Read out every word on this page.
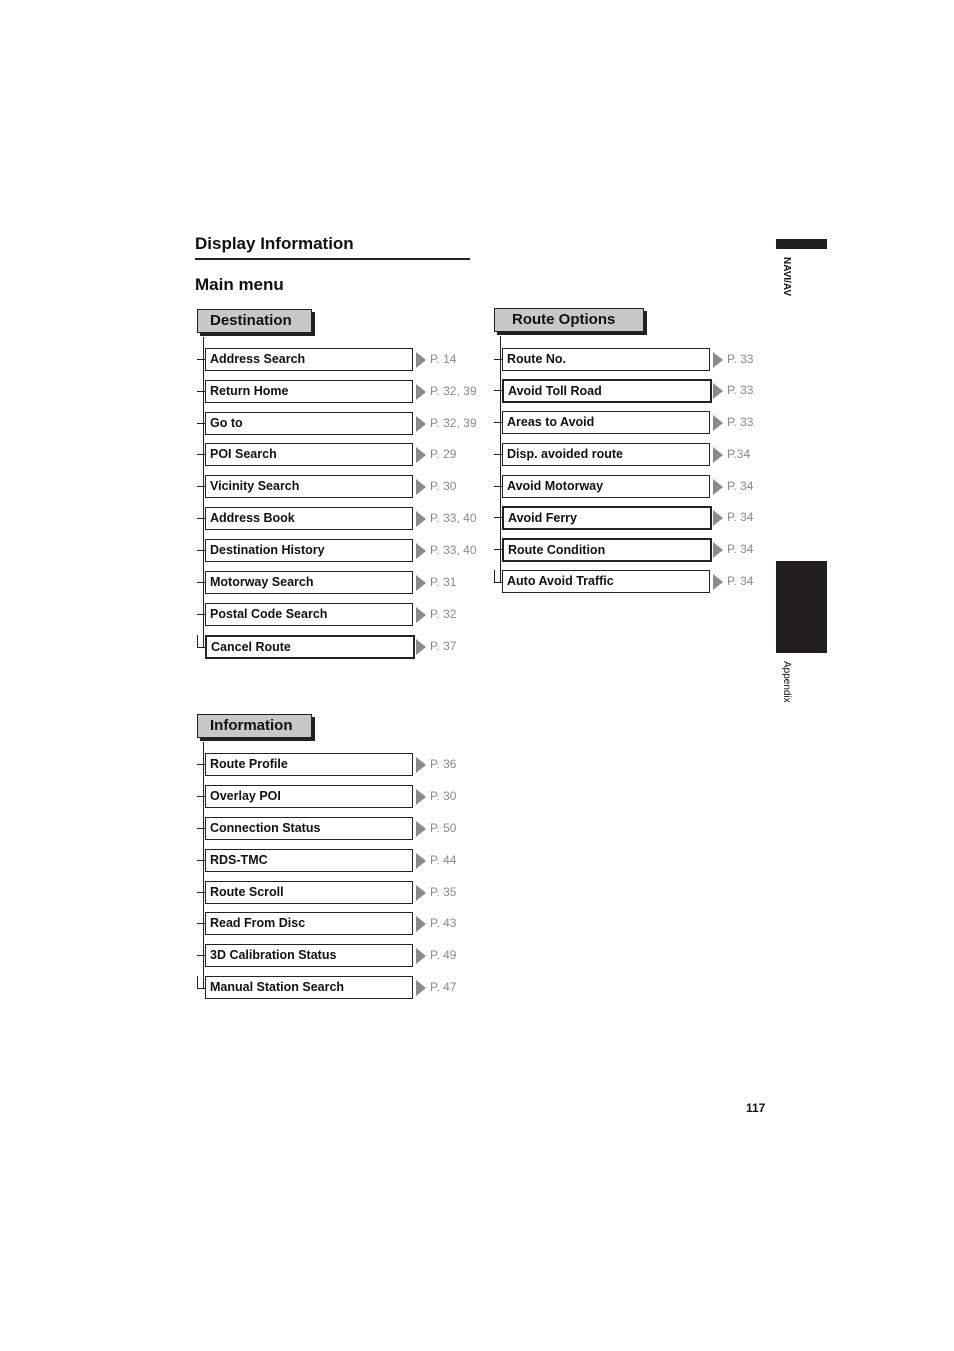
Display Information
Main menu	NAVI/AV
Appendix
Destination
Address Search	P. 14
Return Home	P. 32, 39
Go to	P. 32, 39
POI Search	P. 29
Vicinity Search	P. 30
Address Book	P. 33, 40
Destination History	P. 33, 40
Motorway Search	P. 31
Postal Code Search	P. 32
Cancel Route	P. 37
Route Options
Route No.	P. 33
Avoid Toll Road	P. 33
Areas to Avoid	P. 33
Disp. avoided route	P.34
Avoid Motorway	P. 34
Avoid Ferry	P. 34
Route Condition	P. 34
Auto Avoid Traffic	P. 34
Information
Route Profile	P. 36
Overlay POI	P. 30
Connection Status	P. 50
RDS-TMC	P. 44
Route Scroll	P. 35
Read From Disc	P. 43
3D Calibration Status	P. 49
Manual Station Search	P. 47
117
